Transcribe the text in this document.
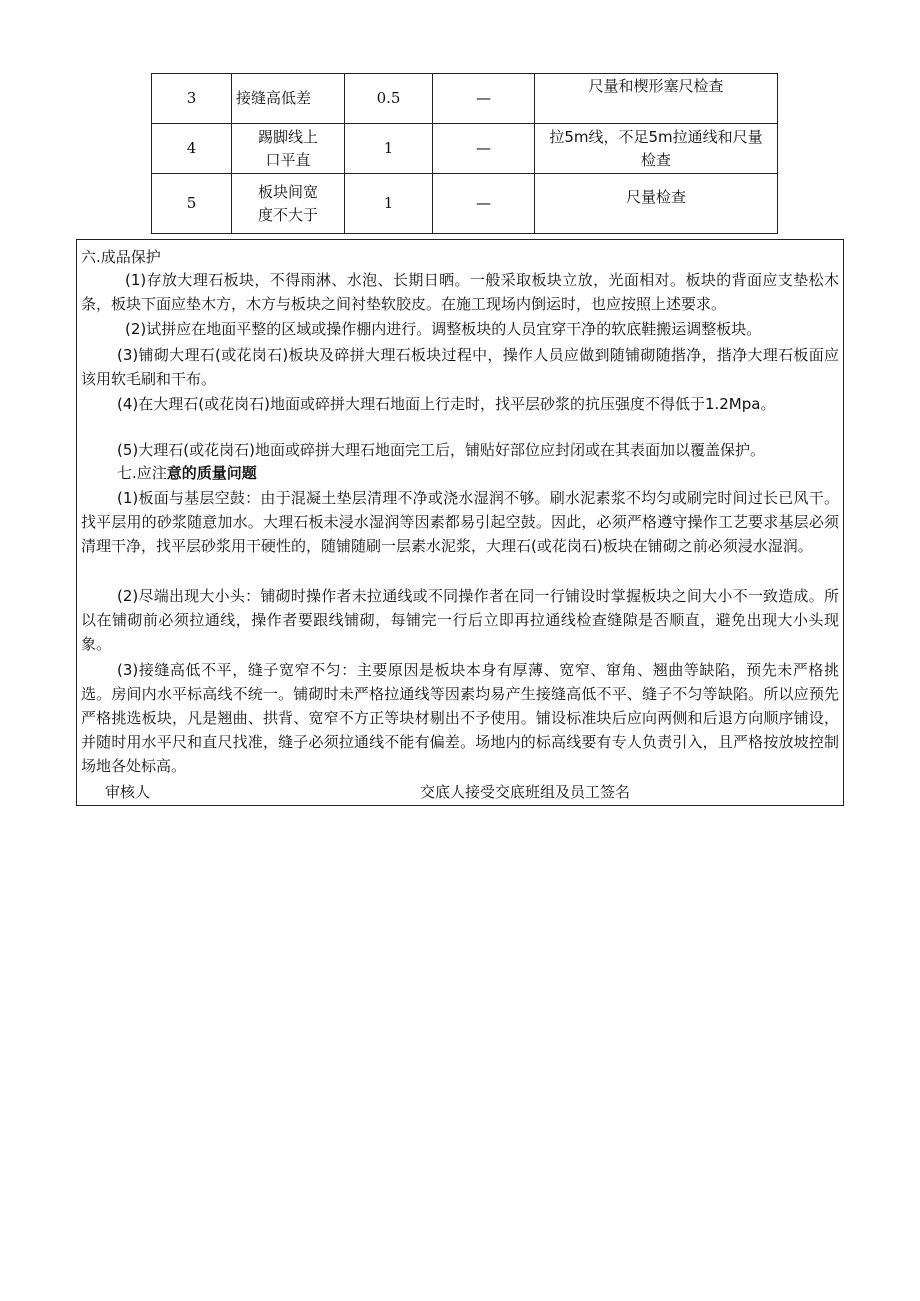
3	接缝高低差	0.5	—	尺量和楔形塞尺检查
4	踢脚线上口平直	1	—	拉5m线，不足5m拉通线和尺量检查

5	板块间宽度不大于	1	—	尺量检查
六.成品保护
(1)存放大理石板块，不得雨淋、水泡、长期日晒。一般采取板块立放，光面相对。板块的背面应支垫松木条，板块下面应垫木方，木方与板块之间衬垫软胶皮。在施工现场内倒运时，也应按照上述要求。
(2)试拼应在地面平整的区域或操作棚内进行。调整板块的人员宜穿干净的软底鞋搬运调整板块。
(3)铺砌大理石(或花岗石)板块及碎拼大理石板块过程中，操作人员应做到随铺砌随揩净，揩净大理石板面应该用软毛刷和干布。
(4)在大理石(或花岗石)地面或碎拼大理石地面上行走时，找平层砂浆的抗压强度不得低于1.2Mpa。
(5)大理石(或花岗石)地面或碎拼大理石地面完工后，铺贴好部位应封闭或在其表面加以覆盖保护。
七.应注意的质量问题
(1)板面与基层空鼓：由于混凝土垫层清理不净或浇水湿润不够。刷水泥素浆不均匀或刷完时间过长已风干。找平层用的砂浆随意加水。大理石板未浸水湿润等因素都易引起空鼓。因此，必须严格遵守操作工艺要求基层必须清理干净，找平层砂浆用干硬性的，随铺随刷一层素水泥浆，大理石(或花岗石)板块在铺砌之前必须浸水湿润。
(2)尽端出现大小头：铺砌时操作者未拉通线或不同操作者在同一行铺设时掌握板块之间大小不一致造成。所以在铺砌前必须拉通线，操作者要跟线铺砌，每铺完一行后立即再拉通线检查缝隙是否顺直，避免出现大小头现象。
(3)接缝高低不平，缝子宽窄不匀：主要原因是板块本身有厚薄、宽窄、窜角、翘曲等缺陷，预先未严格挑选。房间内水平标高线不统一。铺砌时未严格拉通线等因素均易产生接缝高低不平、缝子不匀等缺陷。所以应预先严格挑选板块，凡是翘曲、拱背、宽窄不方正等块材剔出不予使用。铺设标准块后应向两侧和后退方向顺序铺设，并随时用水平尺和直尺找准，缝子必须拉通线不能有偏差。场地内的标高线要有专人负责引入，且严格按放坡控制场地各处标高。
审核人	交底人接受交底班组及员工签名
